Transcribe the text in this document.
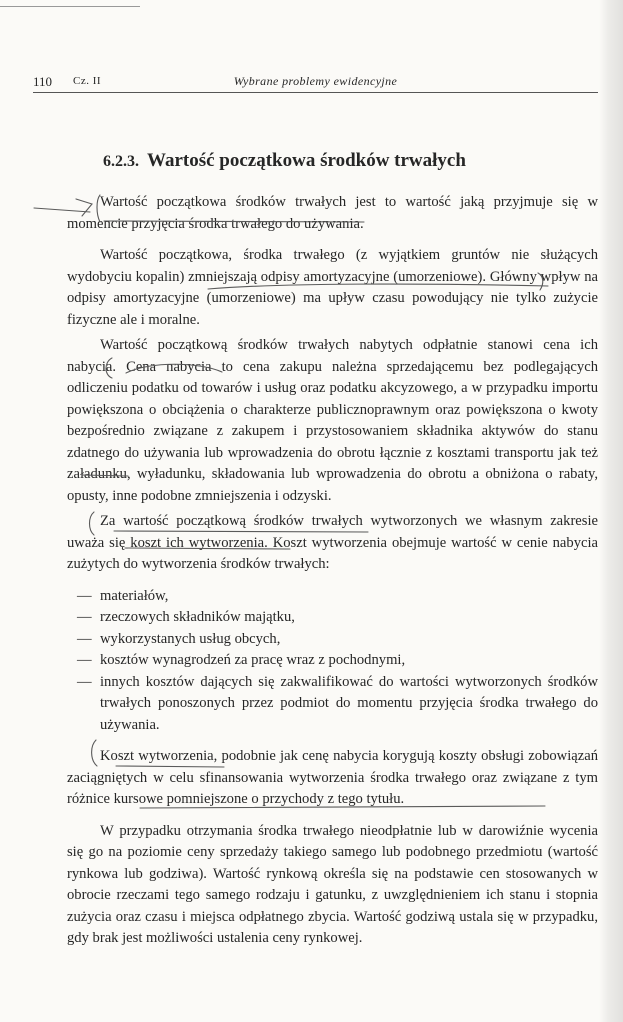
110 Cz. II	Wybrane problemy ewidencyjne
6.2.3. Wartość początkowa środków trwałych

Wartość początkowa środków trwałych jest to wartość jaką przyjmuje się w momencie przyjęcia środka trwałego do używania.

Wartość początkowa, środka trwałego (z wyjątkiem gruntów nie służących wydobyciu kopalin) zmniejszają odpisy amortyzacyjne (umorzeniowe). Główny wpływ na odpisy amortyzacyjne (umorzeniowe) ma upływ czasu powodujący nie tylko zużycie fizyczne ale i moralne.

Wartość początkową środków trwałych nabytych odpłatnie stanowi cena ich nabycia. Cena nabycia to cena zakupu należna sprzedającemu bez podlegających odliczeniu podatku od towarów i usług oraz podatku akcyzowego, a w przypadku importu powiększona o obciążenia o charakterze publicznoprawnym oraz powiększona o kwoty bezpośrednio związane z zakupem i przystosowaniem składnika aktywów do stanu zdatnego do używania lub wprowadzenia do obrotu łącznie z kosztami transportu jak też załadunku, wyładunku, składowania lub wprowadzenia do obrotu a obniżona o rabaty, opusty, inne podobne zmniejszenia i odzyski.

Za wartość początkową środków trwałych wytworzonych we własnym zakresie uważa się koszt ich wytworzenia. Koszt wytworzenia obejmuje wartość w cenie nabycia zużytych do wytworzenia środków trwałych:

— materiałów,
— rzeczowych składników majątku,
— wykorzystanych usług obcych,
— kosztów wynagrodzeń za pracę wraz z pochodnymi,
— innych kosztów dających się zakwalifikować do wartości wytworzonych środków trwałych ponoszonych przez podmiot do momentu przyjęcia środka trwałego do używania.

Koszt wytworzenia, podobnie jak cenę nabycia korygują koszty obsługi zobowiązań zaciągniętych w celu sfinansowania wytworzenia środka trwałego oraz związane z tym różnice kursowe pomniejszone o przychody z tego tytułu.

W przypadku otrzymania środka trwałego nieodpłatnie lub w darowiźnie wycenia się go na poziomie ceny sprzedaży takiego samego lub podobnego przedmiotu (wartość rynkowa lub godziwa). Wartość rynkową określa się na podstawie cen stosowanych w obrocie rzeczami tego samego rodzaju i gatunku, z uwzględnieniem ich stanu i stopnia zużycia oraz czasu i miejsca odpłatnego zbycia. Wartość godziwą ustala się w przypadku, gdy brak jest możliwości ustalenia ceny rynkowej.
